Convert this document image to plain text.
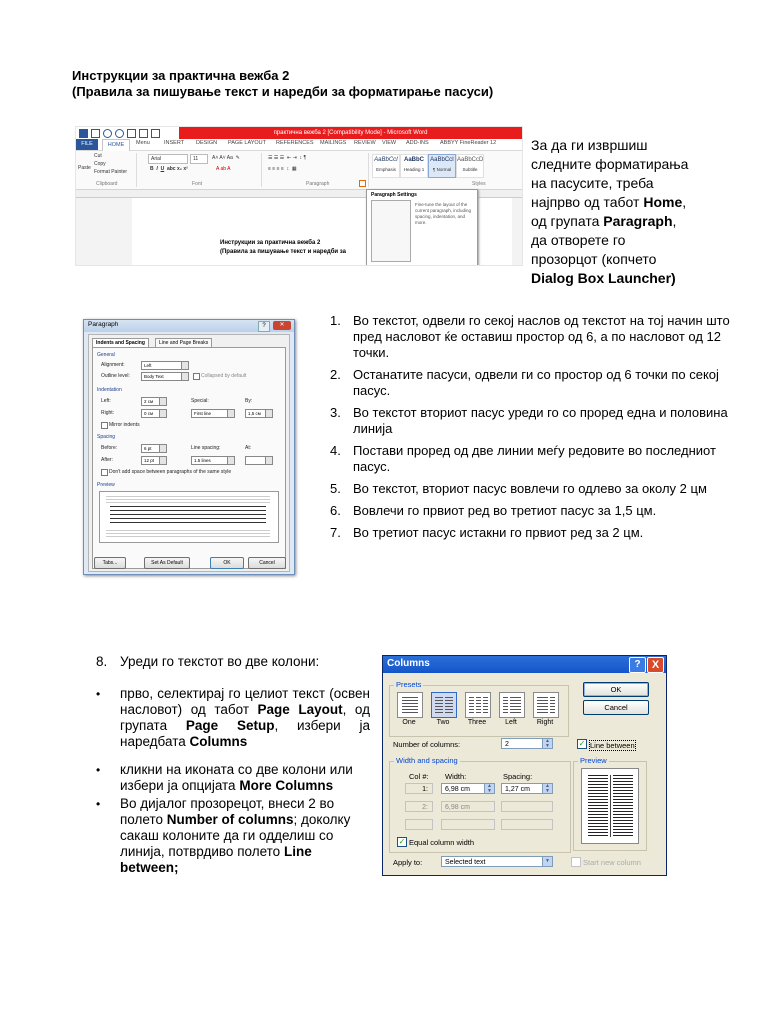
Инструкции за практична вежба 2
(Правила за пишување текст и наредби за форматирање пасуси)
практична вежба 2 [Compatibility Mode] - Microsoft Word
Menu	INSERT DESIGN PAGE LAYOUT REFERENCES MAILINGS REVIEW VIEW ADD-INS ABBYY FineReader 12
FILE	HOME
Cut
Copy
Paste
Format Painter
Clipboard
Arial	11	A˄ A˅ Aa  ✎
B  I U  abc x₂ x²	A ab A
Font
☰ ☰ ☰  ⇤ ⇥  ↕ ¶
≡ ≡ ≡ ≡  ↕  ▦
Paragraph
AaBbCcI
Emphasis
AaBbC
Heading 1
AaBbCcI
¶ Normal
AaBbCcD
Subtitle
Styles
Инструкции за практична вежба 2
(Правила за пишување текст и наредби за
Paragraph Settings
Fine-tune the layout of the current paragraph, including spacing, indentation, and more.
За да ги извршиш
следните форматирања
на пасусите, треба
најпрво од табот Home,
од групата Paragraph,
да отворете го
прозорцот (копчето
Dialog Box Launcher)
Paragraph	?	✕
Indents and Spacing	Line and Page Breaks
General
Alignment:	Left
Outline level:	Body Text	Collapsed by default
Indentation
Left:	2 см
Right:	0 см
Special:
First line
By:
1,5 см
Mirror indents
Spacing
Before:	6 pt
After:	12 pt
Line spacing:
1.5 lines
At:
Don't add space between paragraphs of the same style
Preview
Tabs...	Set As Default	OK	Cancel
1. Во текстот, одвели го секој наслов од текстот на тој начин што пред насловот ќе оставиш простор од 6, а по насловот од 12 точки.
2. Останатите пасуси, одвели ги со простор од 6 точки по секој пасус.
3. Во текстот вториот пасус уреди го со проред една и половина линија
4. Постави проред од две линии меѓу редовите во последниот пасус.
5. Во текстот, вториот пасус вовлечи го одлево за околу 2 цм
6. Вовлечи го првиот ред во третиот пасус за 1,5 цм.
7. Во третиот пасус истакни го првиот ред за 2 цм.
8. Уреди го текстот во две колони:
• прво, селектирај го целиот текст (освен насловот) од табот Page Layout, од групата Page Setup, избери ја наредбата Columns
• кликни на иконата со две колони или избери ја опцијата More Columns
• Во дијалог прозорецот, внеси 2 во полето Number of columns; доколку сакаш колоните да ги одделиш со линија, потврдиво полето Line between;
Columns	?	X
Presets
One	Two	Three	Left	Right
OK
Cancel
Number of columns:	2	▲
▼	✓ Line between
Width and spacing
Col #: Width:	Spacing:
1:	6,98 cm	▲
▼	1,27 cm	▲
▼
2:	6,98 cm
✓ Equal column width
Preview
Apply to:	Selected text	▼	Start new column
